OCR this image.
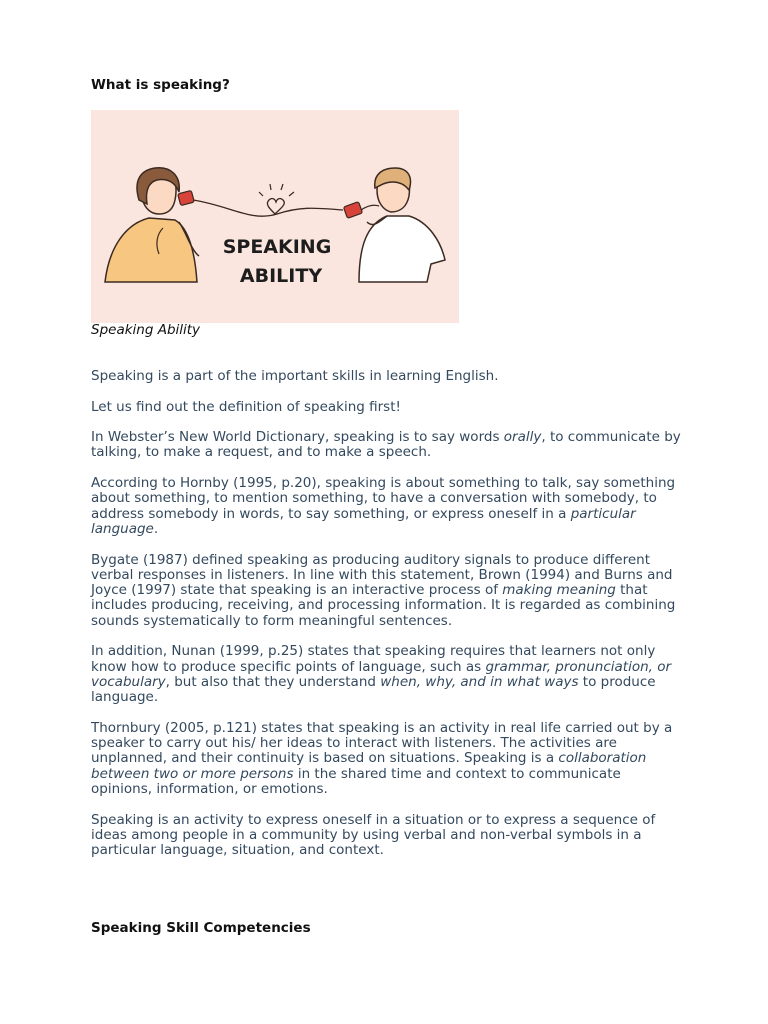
What is speaking?
SPEAKING
ABILITY
Speaking Ability

Speaking is a part of the important skills in learning English.

Let us find out the definition of speaking first!

In Webster’s New World Dictionary, speaking is to say words orally, to communicate by talking, to make a request, and to make a speech.

According to Hornby (1995, p.20), speaking is about something to talk, say something about something, to mention something, to have a conversation with somebody, to address somebody in words, to say something, or express oneself in a particular language.

Bygate (1987) defined speaking as producing auditory signals to produce different verbal responses in listeners. In line with this statement, Brown (1994) and Burns and Joyce (1997) state that speaking is an interactive process of making meaning that includes producing, receiving, and processing information. It is regarded as combining sounds systematically to form meaningful sentences.

In addition, Nunan (1999, p.25) states that speaking requires that learners not only know how to produce specific points of language, such as grammar, pronunciation, or vocabulary, but also that they understand when, why, and in what ways to produce language.

Thornbury (2005, p.121) states that speaking is an activity in real life carried out by a speaker to carry out his/ her ideas to interact with listeners. The activities are unplanned, and their continuity is based on situations. Speaking is a collaboration between two or more persons in the shared time and context to communicate opinions, information, or emotions.

Speaking is an activity to express oneself in a situation or to express a sequence of ideas among people in a community by using verbal and non-verbal symbols in a particular language, situation, and context.

Speaking Skill Competencies
